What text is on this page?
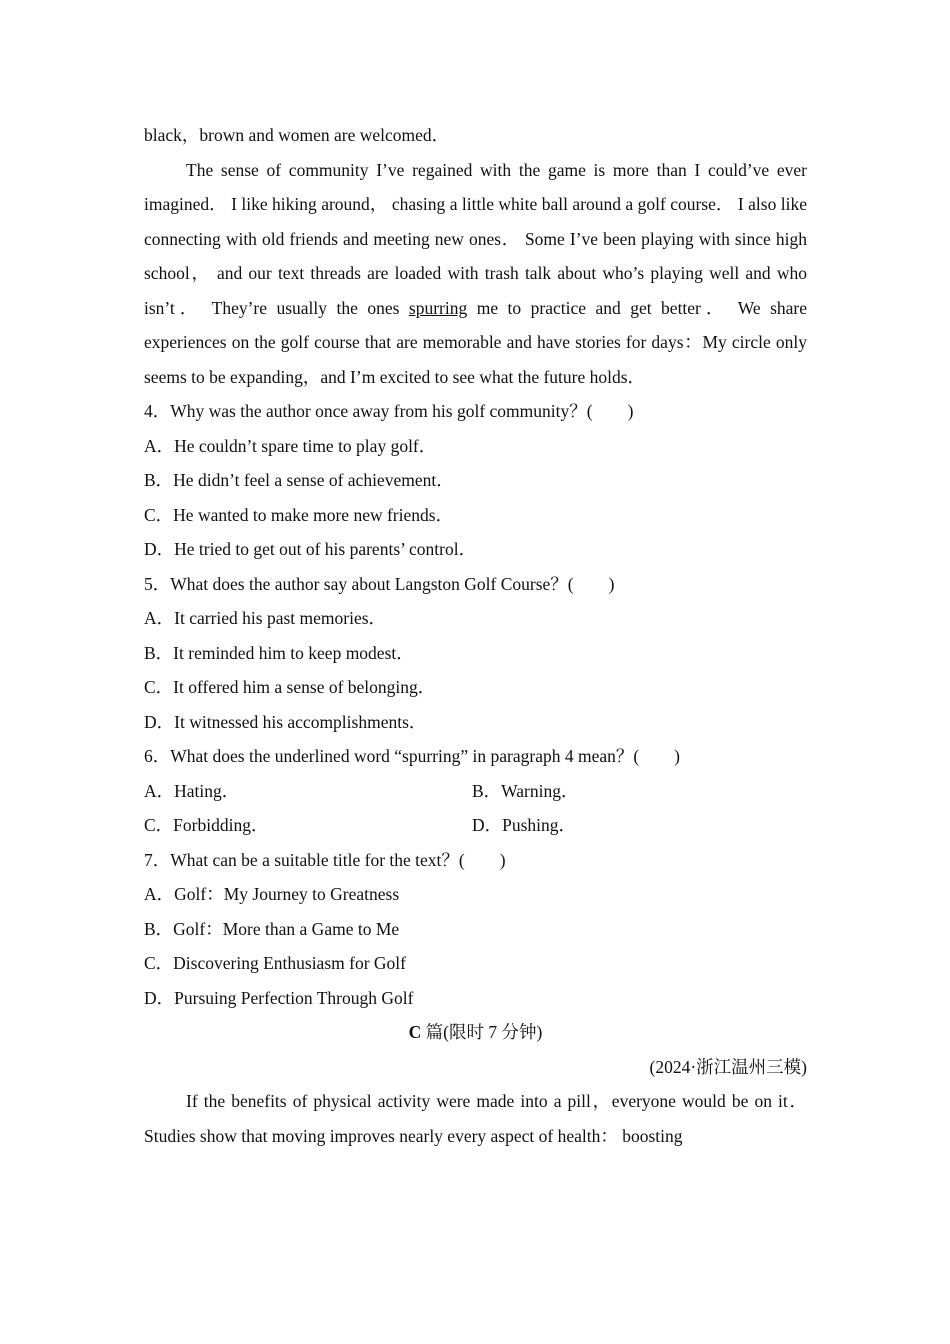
black，brown and women are welcomed．

The sense of community I’ve regained with the game is more than I could’ve ever imagined． I like hiking around， chasing a little white ball around a golf course． I also like connecting with old friends and meeting new ones． Some I’ve been playing with since high school， and our text threads are loaded with trash talk about who’s playing well and who isn’t． They’re usually the ones spurring me to practice and get better． We share experiences on the golf course that are memorable and have stories for days：My circle only seems to be expanding，and I’m excited to see what the future holds．

4．Why was the author once away from his golf community？(　　)

A．He couldn’t spare time to play golf．

B．He didn’t feel a sense of achievement．

C．He wanted to make more new friends．

D．He tried to get out of his parents’ control．

5．What does the author say about Langston Golf Course？(　　)

A．It carried his past memories．

B．It reminded him to keep modest．

C．It offered him a sense of belonging．

D．It witnessed his accomplishments．

6．What does the underlined word “spurring” in paragraph 4 mean？(　　)

A．Hating．	B．Warning．
C．Forbidding．	D．Pushing．

7．What can be a suitable title for the text？(　　)

A．Golf：My Journey to Greatness

B．Golf：More than a Game to Me

C．Discovering Enthusiasm for Golf

D．Pursuing Perfection Through Golf

C 篇(限时 7 分钟)

(2024·浙江温州三模)

If the benefits of physical activity were made into a pill，everyone would be on it． Studies show that moving improves nearly every aspect of health： boosting
